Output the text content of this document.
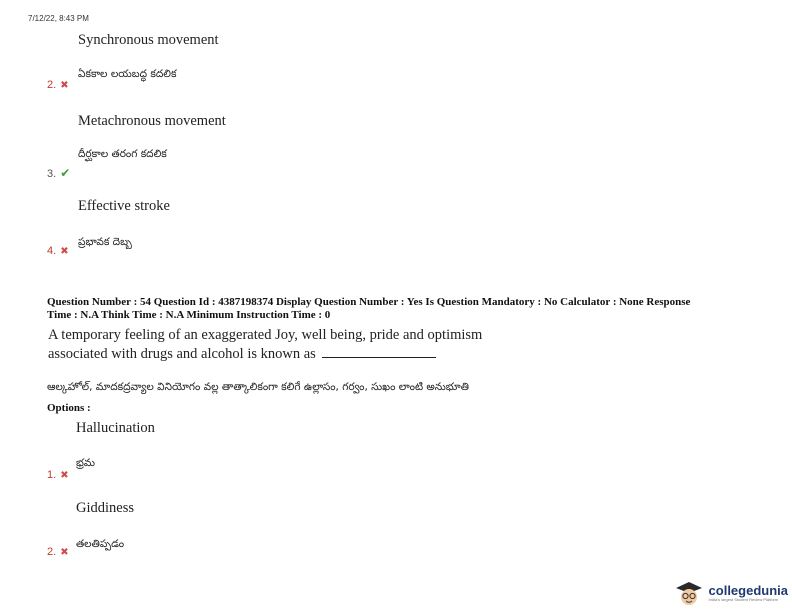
7/12/22, 8:43 PM
Synchronous movement
ఏకకాల లయబద్ధ కదలిక
2. ✖
Metachronous movement
దీర్ఘకాల తరంగ కదలిక
3. ✔
Effective stroke
ప్రభావక దెబ్బ
4. ✖
Question Number : 54 Question Id : 4387198374 Display Question Number : Yes Is Question Mandatory : No Calculator : None Response
Time : N.A Think Time : N.A Minimum Instruction Time : 0
A temporary feeling of an exaggerated Joy, well being, pride and optimism
associated with drugs and alcohol is known as
ఆల్కహోల్, మాదకద్రవ్యాల వినియోగం వల్ల తాత్కాలికంగా కలిగే ఉల్లాసం, గర్వం, సుఖం లాంటి అనుభూతి
Options :
Hallucination
భ్రమ
1. ✖
Giddiness
తలతిప్పడం
2. ✖
collegedunia
India's largest Student Review Platform
